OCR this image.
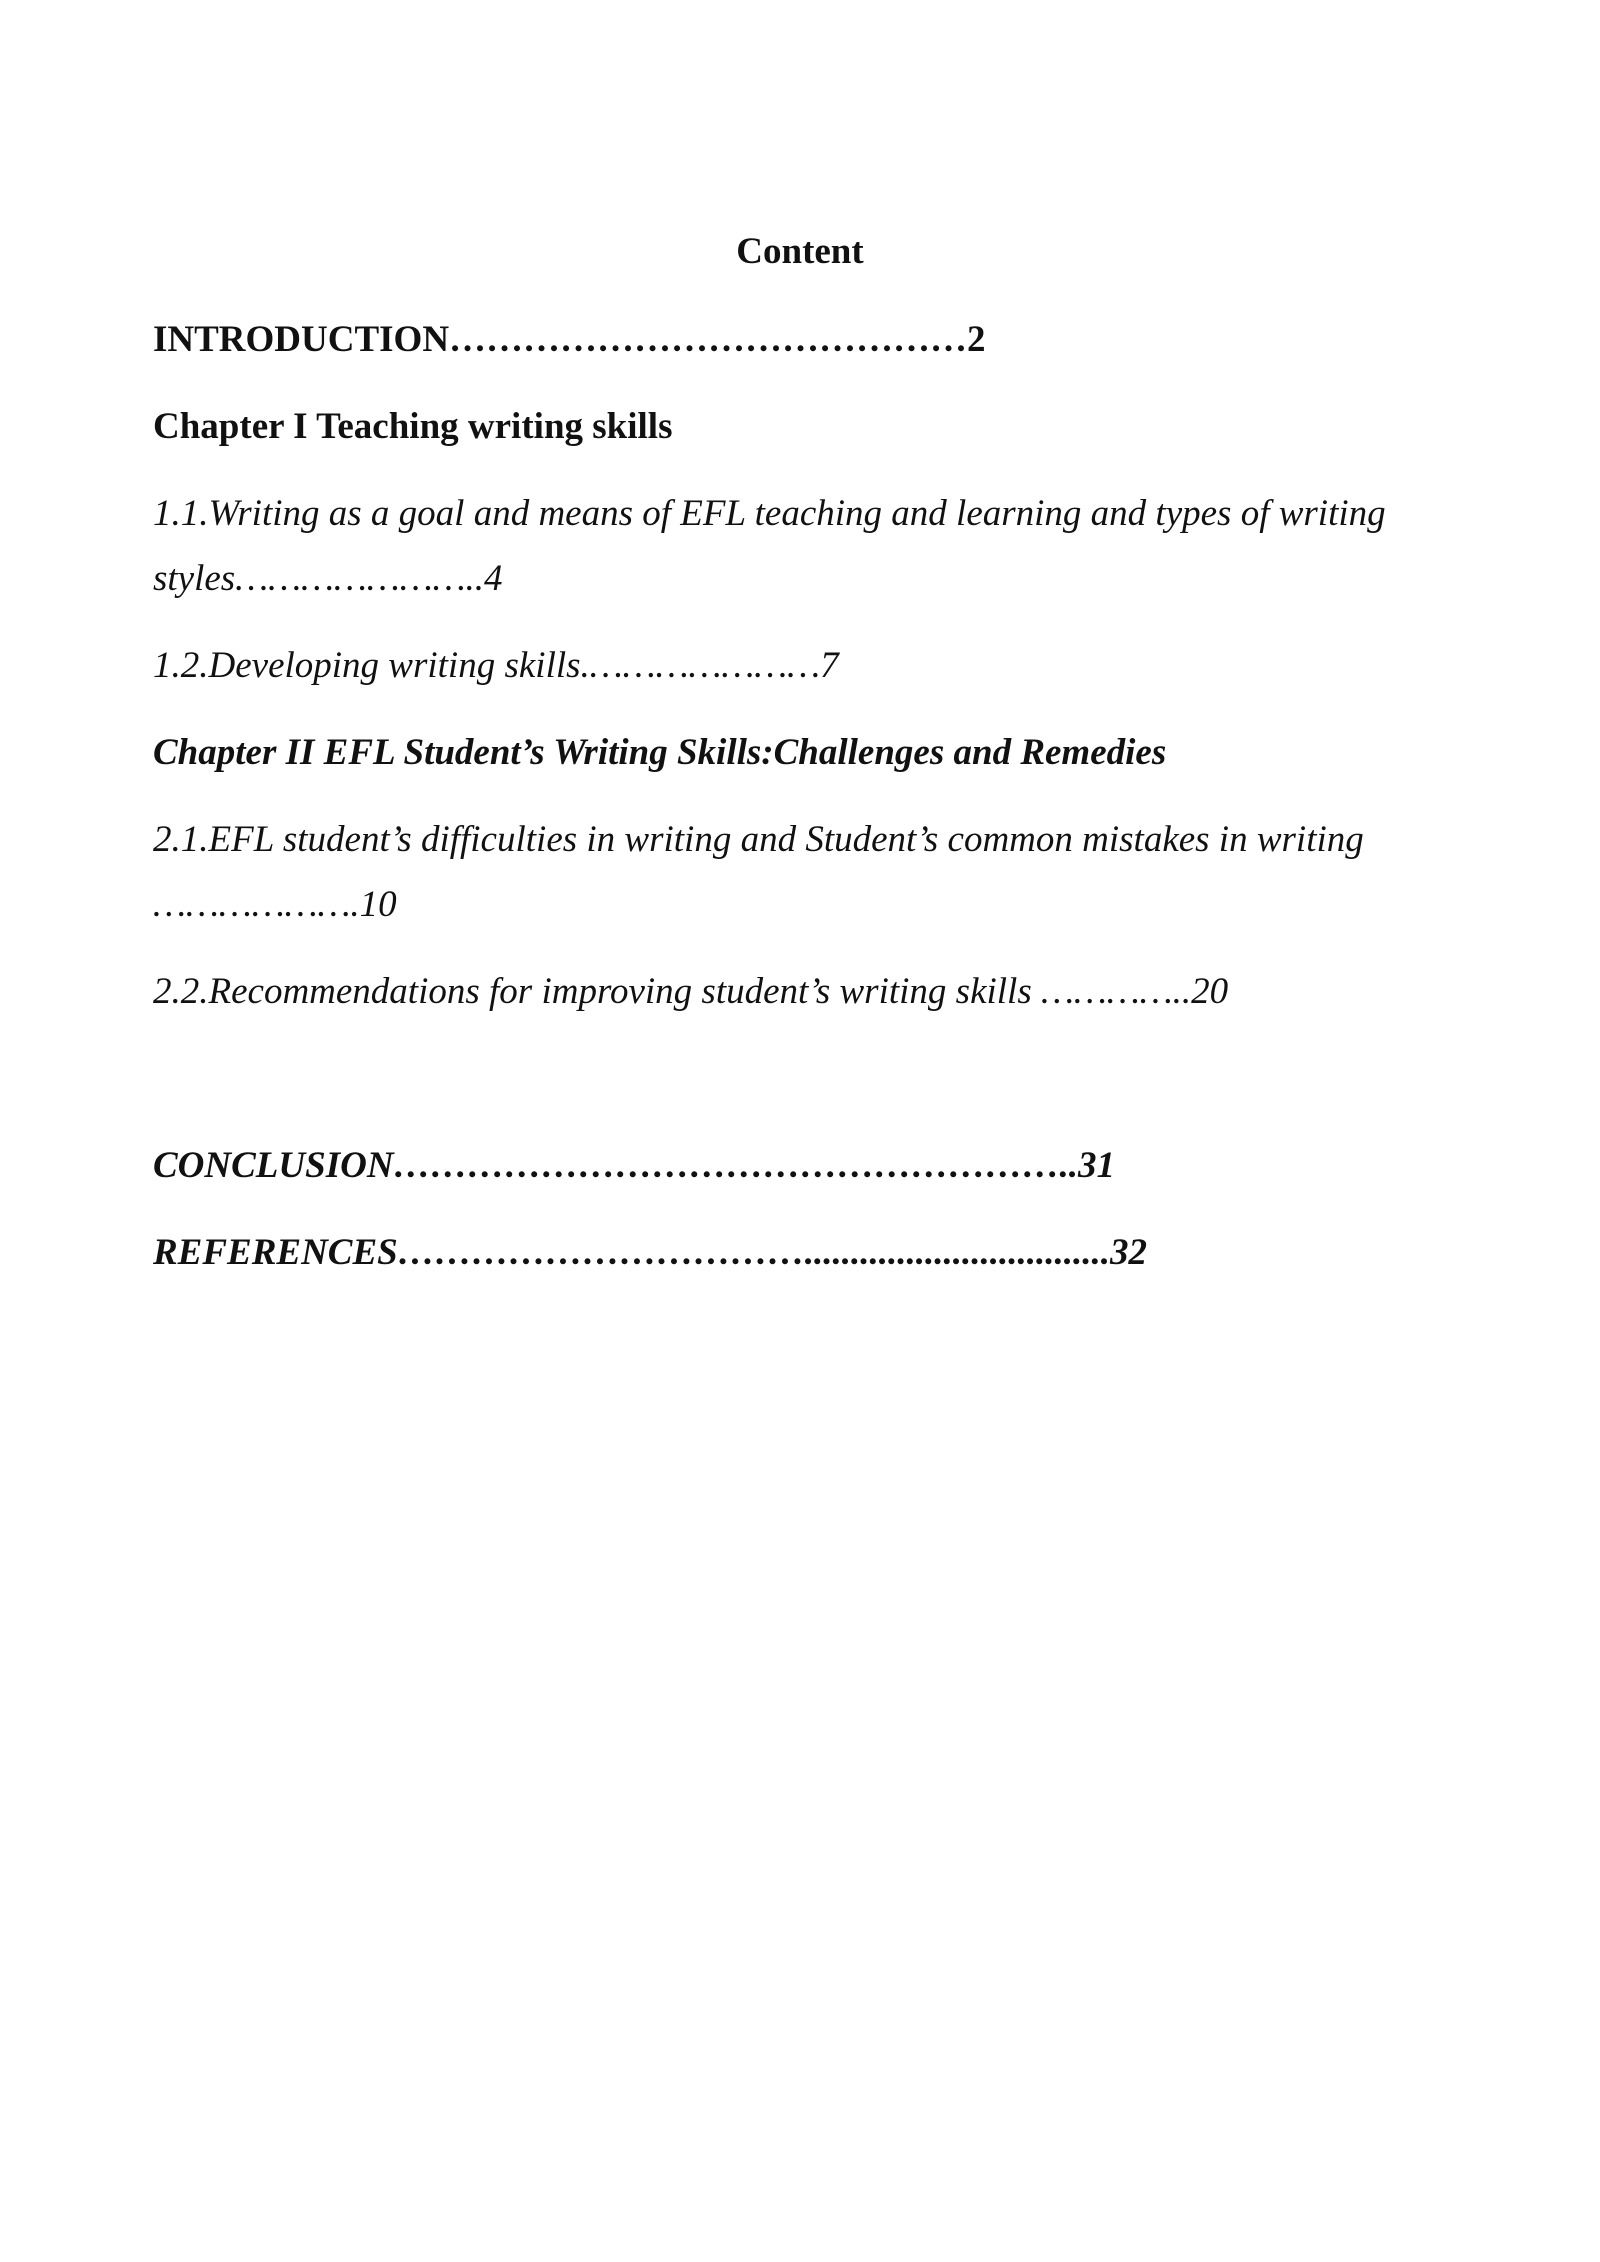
Content
INTRODUCTION……………………………………2
Chapter I Teaching writing skills
1.1.Writing as a goal and means of EFL teaching and learning and types of writing
styles…………………..4
1.2.Developing writing skills.…………………7
Chapter II EFL Student’s Writing Skills:Challenges and Remedies
2.1.EFL student’s difficulties in writing and Student’s common mistakes in writing
……………….10
2.2.Recommendations for improving student’s writing skills …………..20
CONCLUSION………………………………………………..31
REFERENCES…………………………….................................32
